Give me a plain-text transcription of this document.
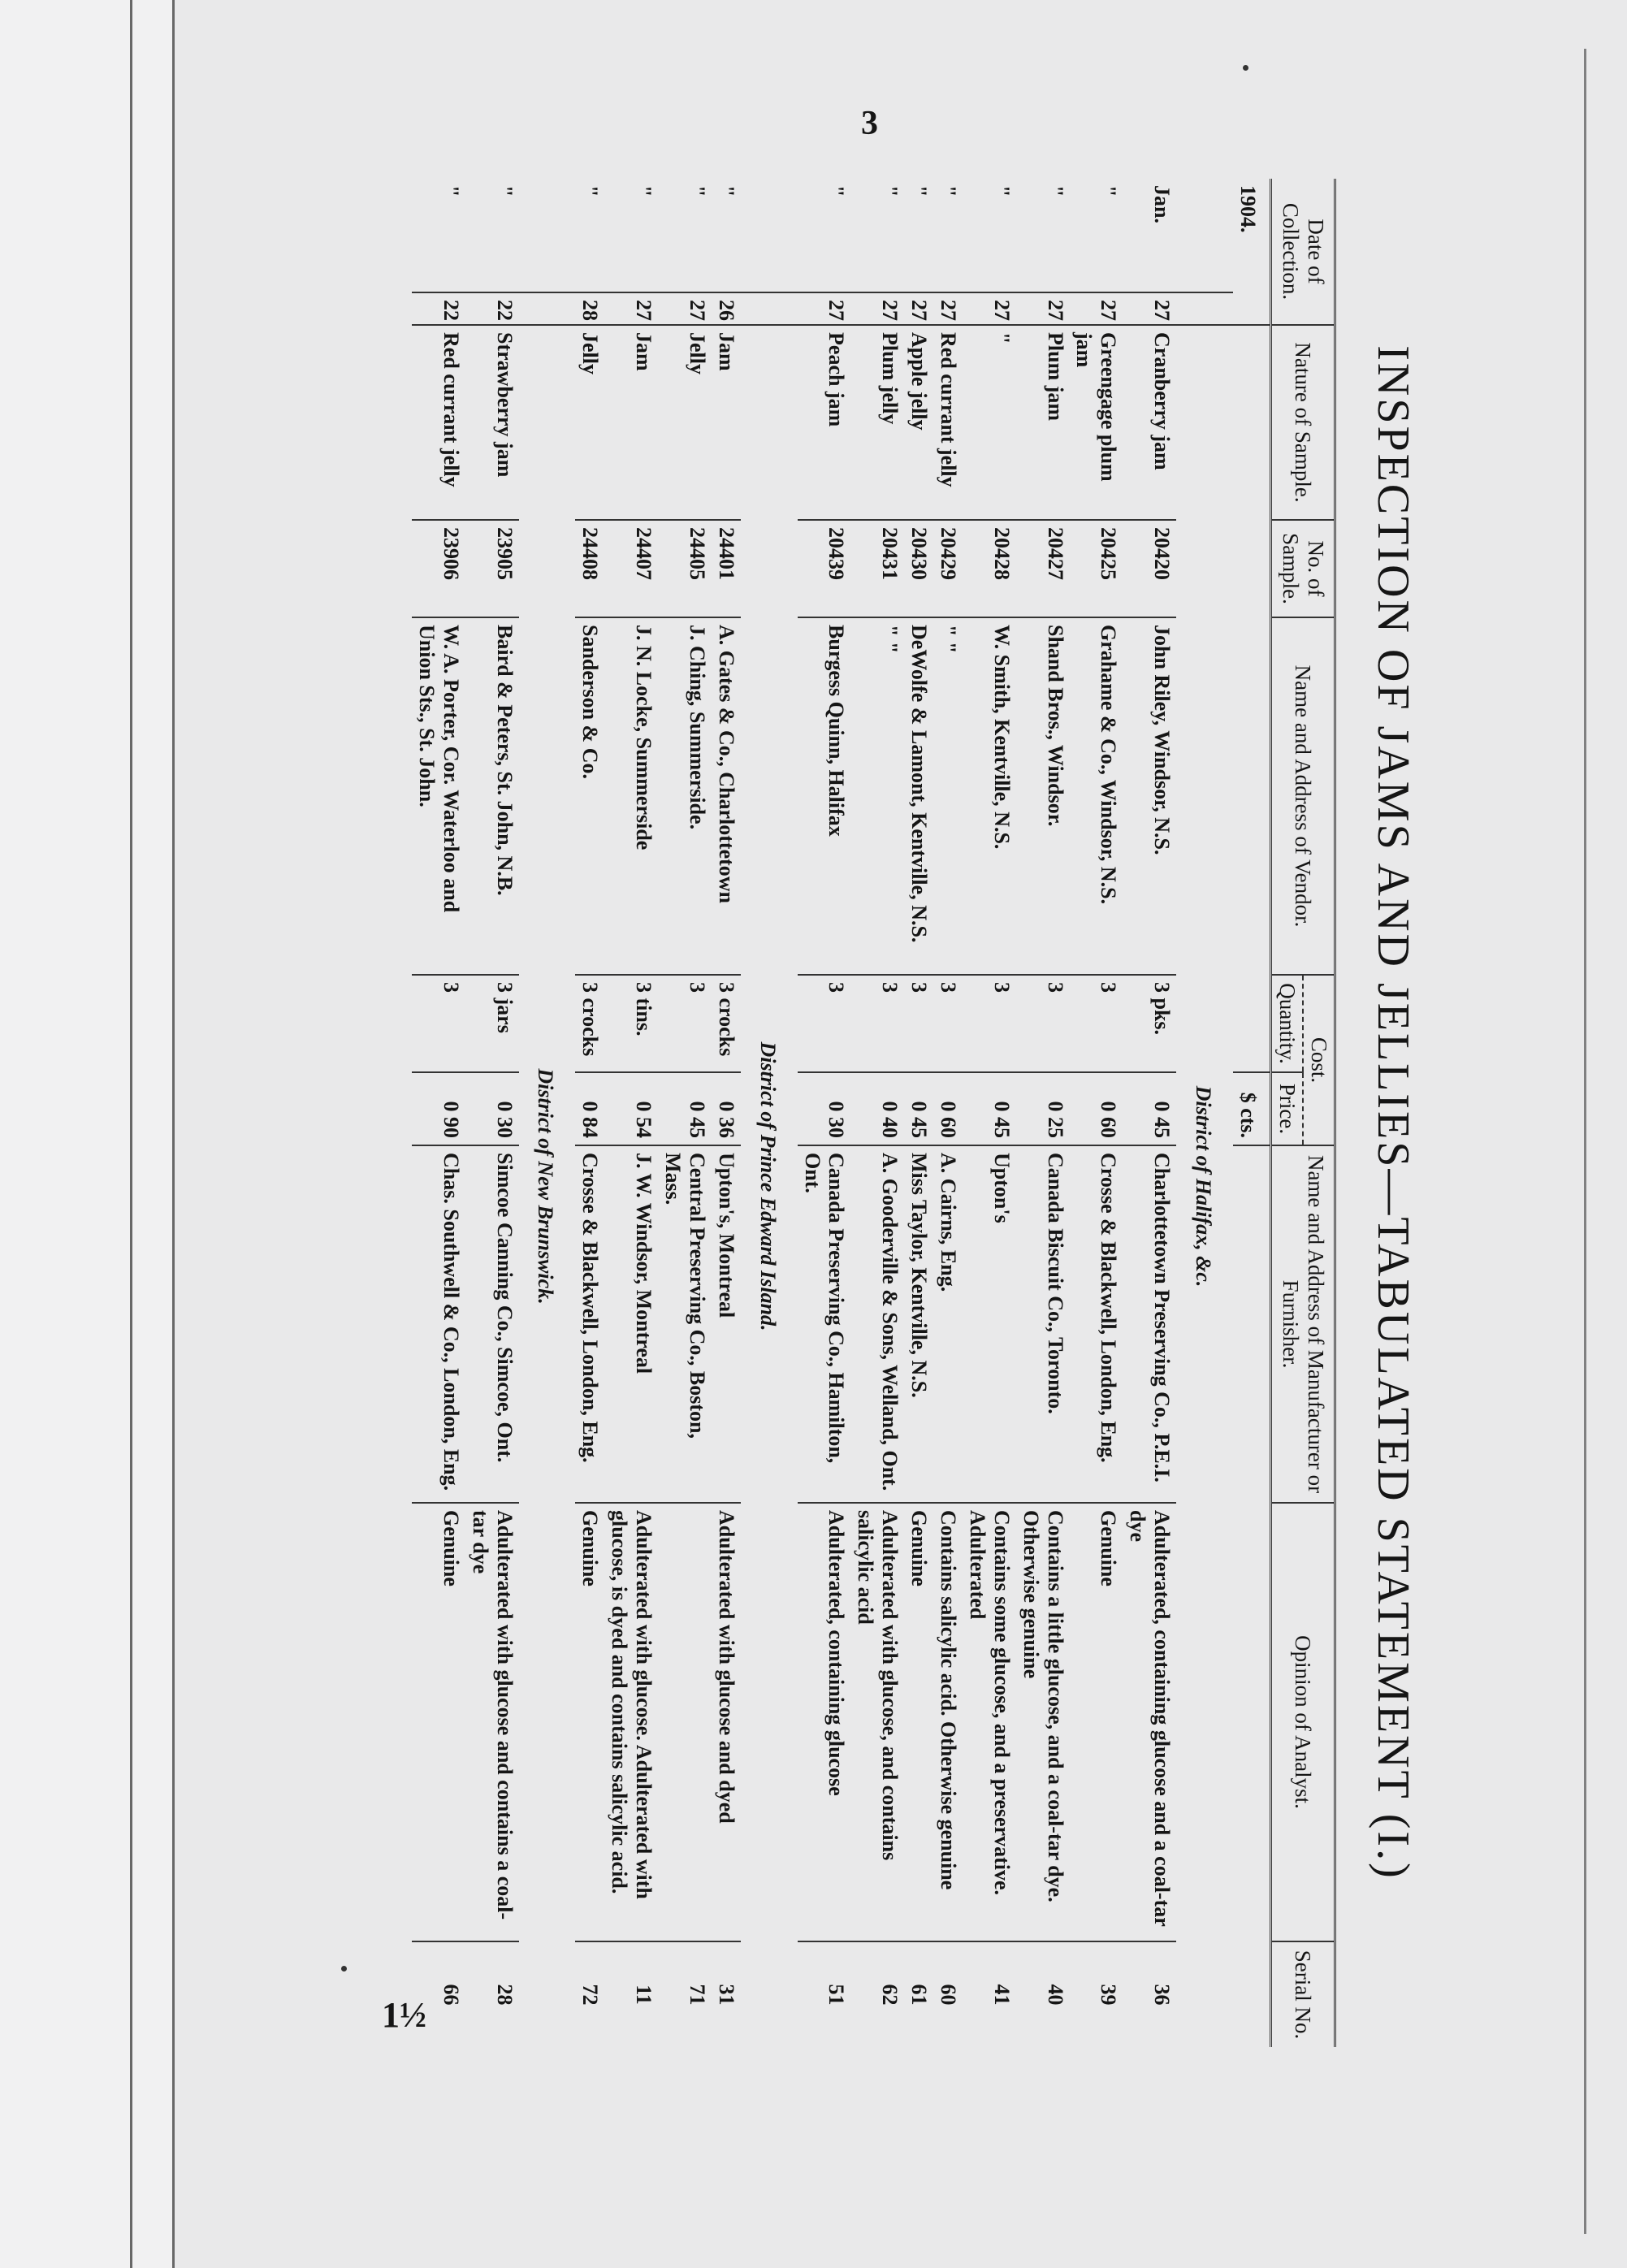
3
1½
INSPECTION OF JAMS AND JELLIES—TABULATED STATEMENT (I.)
Date of Collection.		Nature of Sample.	No. of Sample.	Name and Address of Vendor.	Cost.		Name and Address of Manufacturer or Furnisher.	Opinion of Analyst.	Serial No.
					Quantity.	Price.			
1904.						$ cts.			
		District of Halifax, &c.							
Jan.	27	Cranberry jam	20420	John Riley, Windsor, N.S.	3 pks.	0 45	Charlottetown Preserving Co., P.E.I.	Adulterated, containing glucose and a coal-tar dye	36
"	27	Greengage plum jam	20425	Grahame & Co., Windsor, N.S.	3	0 60	Crosse & Blackwell, London, Eng.	Genuine	39
"	27	Plum jam	20427	Shand Bros., Windsor.	3	0 25	Canada Biscuit Co., Toronto.	Contains a little glucose, and a coal-tar dye. Otherwise genuine	40
"	27	"	20428	W. Smith, Kentville, N.S.	3	0 45	Upton's	Contains some glucose, and a preservative. Adulterated	41
"	27	Red currant jelly	20429	" "	3	0 60	A. Cairns, Eng.	Contains salicylic acid. Otherwise genuine	60
"	27	Apple jelly	20430	DeWolfe & Lamont, Kentville, N.S.	3	0 45	Miss Taylor, Kentville, N.S.	Genuine	61
"	27	Plum jelly	20431	" "	3	0 40	A. Gooderville & Sons, Welland, Ont.	Adulterated with glucose, and contains salicylic acid	62
"	27	Peach jam	20439	Burgess Quinn, Halifax	3	0 30	Canada Preserving Co., Hamilton, Ont.	Adulterated, containing glucose	51
		District of Prince Edward Island.							
"	26	Jam	24401	A. Gates & Co., Charlottetown	3 crocks	0 36	Upton's, Montreal	Adulterated with glucose and dyed	31
"	27	Jelly	24405	J. Ching, Summerside.	3	0 45	Central Preserving Co., Boston, Mass.		71
"	27	Jam	24407	J. N. Locke, Summerside	3 tins.	0 54	J. W. Windsor, Montreal	Adulterated with glucose. Adulterated with glucose, is dyed and contains salicylic acid.	11
"	28	Jelly	24408	Sanderson & Co.	3 crocks	0 84	Crosse & Blackwell, London, Eng.	Genuine	72
		District of New Brunswick.							
"	22	Strawberry jam	23905	Baird & Peters, St. John, N.B.	3 jars	0 30	Simcoe Canning Co., Simcoe, Ont.	Adulterated with glucose and contains a coal-tar dye	28
"	22	Red currant jelly	23906	W. A. Porter, Cor. Waterloo and Union Sts., St. John.	3	0 90	Chas. Southwell & Co., London, Eng.	Genuine	66
